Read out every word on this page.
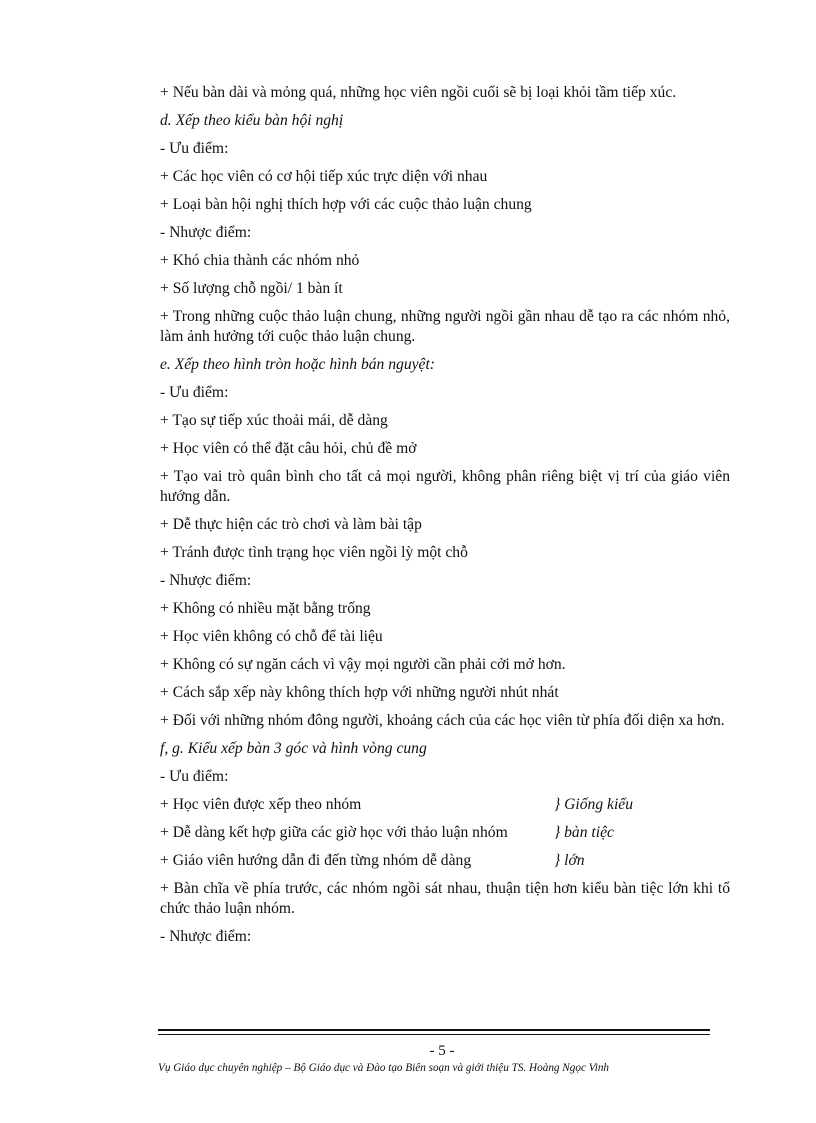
+ Nếu bàn dài và mỏng quá, những học viên ngồi cuối sẽ bị loại khỏi tầm tiếp xúc.

d. Xếp theo kiểu bàn hội nghị

- Ưu điểm:

+ Các học viên có cơ hội tiếp xúc trực diện với nhau

+ Loại bàn hội nghị thích hợp với các cuộc thảo luận chung

- Nhược điểm:

+ Khó chia thành các nhóm nhỏ

+ Số lượng chỗ ngồi/ 1 bàn ít

+ Trong những cuộc thảo luận chung, những người ngồi gần nhau dễ tạo ra các nhóm nhỏ, làm ảnh hưởng tới cuộc thảo luận chung.

e. Xếp theo hình tròn hoặc hình bán nguyệt:

- Ưu điểm:

+ Tạo sự tiếp xúc thoải mái, dễ dàng

+ Học viên có thể đặt câu hỏi, chủ đề mở

+ Tạo vai trò quân bình cho tất cả mọi người, không phân riêng biệt vị trí của giáo viên hướng dẫn.

+ Dễ thực hiện các trò chơi và làm bài tập

+ Tránh được tình trạng học viên ngồi lỳ một chỗ

- Nhược điểm:

+ Không có nhiều mặt bằng trống

+ Học viên không có chỗ để tài liệu

+ Không có sự ngăn cách vì vậy mọi người cần phải cởi mở hơn.

+ Cách sắp xếp này không thích hợp với những người nhút nhát

+ Đối với những nhóm đông người, khoảng cách của các học viên từ phía đối diện xa hơn.

f, g. Kiểu xếp bàn 3 góc và hình vòng cung

- Ưu điểm:

+ Học viên được xếp theo nhóm	} Giống kiểu
+ Dễ dàng kết hợp giữa các giờ học với thảo luận nhóm	} bàn tiệc
+ Giáo viên hướng dẫn đi đến từng nhóm dễ dàng	} lớn

+ Bàn chĩa về phía trước, các nhóm ngồi sát nhau, thuận tiện hơn kiểu bàn tiệc lớn khi tổ chức thảo luận nhóm.

- Nhược điểm:

- 5 -
Vụ Giáo dục chuyên nghiệp – Bộ Giáo dục và Đào tạo Biên soạn và giới thiệu TS. Hoàng Ngọc Vinh
